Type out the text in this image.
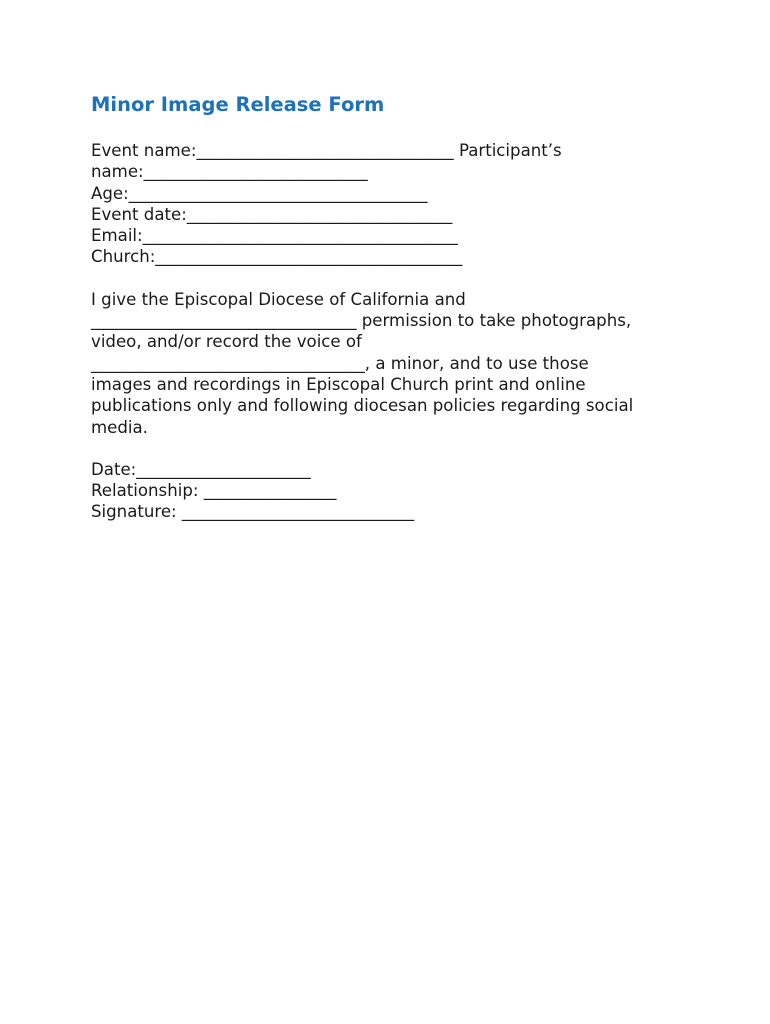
Minor Image Release Form

Event name:_______________________________ Participant’s

name:___________________________

Age:____________________________________

Event date:________________________________

Email:______________________________________

Church:_____________________________________

I give the Episcopal Diocese of California and

________________________________ permission to take photographs,

video, and/or record the voice of

_________________________________, a minor, and to use those

images and recordings in Episcopal Church print and online

publications only and following diocesan policies regarding social

media.

Date:_____________________

Relationship: ________________

Signature: ____________________________
